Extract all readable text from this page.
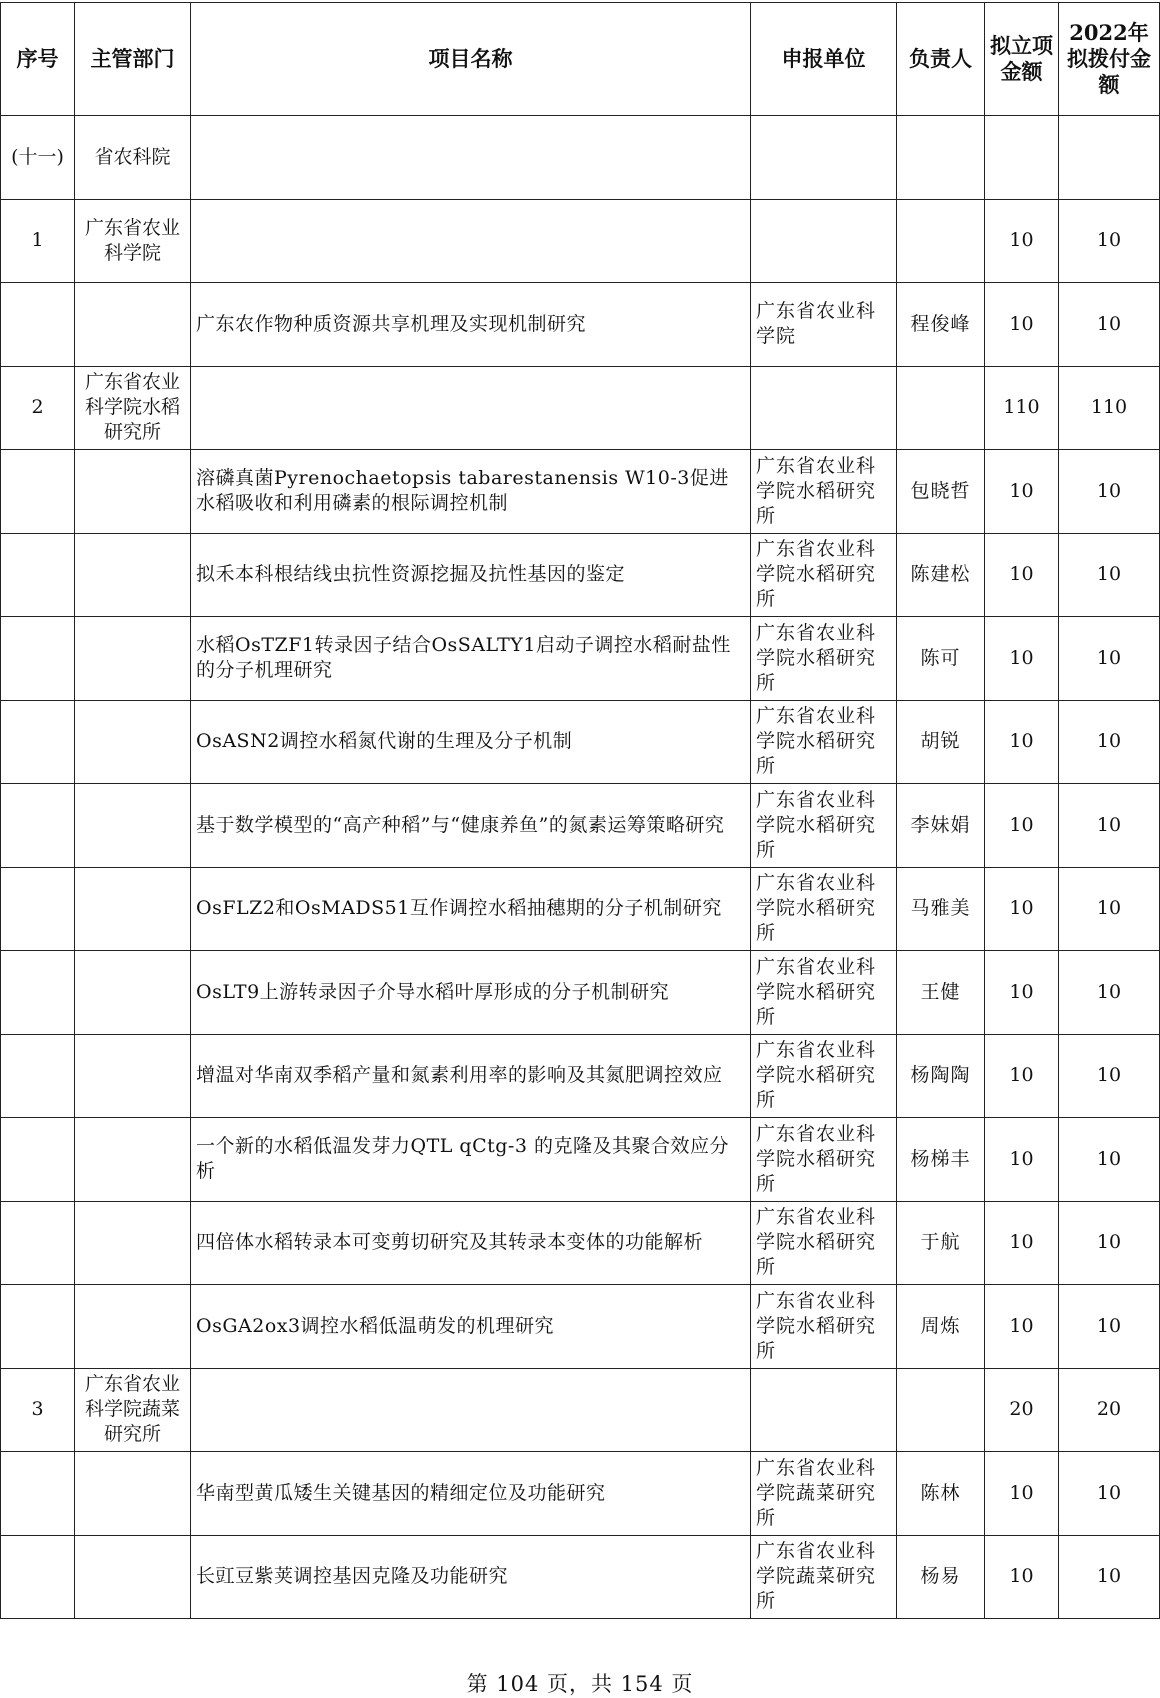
序号	主管部门	项目名称	申报单位	负责人	拟立项金额	2022年拟拨付金额
(十一)	省农科院					
1	广东省农业科学院				10	10
		广东农作物种质资源共享机理及实现机制研究	广东省农业科学院	程俊峰	10	10
2	广东省农业科学院水稻研究所				110	110
		溶磷真菌Pyrenochaetopsis tabarestanensis W10-3促进水稻吸收和利用磷素的根际调控机制	广东省农业科学院水稻研究所	包晓哲	10	10
		拟禾本科根结线虫抗性资源挖掘及抗性基因的鉴定	广东省农业科学院水稻研究所	陈建松	10	10
		水稻OsTZF1转录因子结合OsSALTY1启动子调控水稻耐盐性的分子机理研究	广东省农业科学院水稻研究所	陈可	10	10
		OsASN2调控水稻氮代谢的生理及分子机制	广东省农业科学院水稻研究所	胡锐	10	10
		基于数学模型的“高产种稻”与“健康养鱼”的氮素运筹策略研究	广东省农业科学院水稻研究所	李妹娟	10	10
		OsFLZ2和OsMADS51互作调控水稻抽穗期的分子机制研究	广东省农业科学院水稻研究所	马雅美	10	10
		OsLT9上游转录因子介导水稻叶厚形成的分子机制研究	广东省农业科学院水稻研究所	王健	10	10
		增温对华南双季稻产量和氮素利用率的影响及其氮肥调控效应	广东省农业科学院水稻研究所	杨陶陶	10	10
		一个新的水稻低温发芽力QTL qCtg-3 的克隆及其聚合效应分析	广东省农业科学院水稻研究所	杨梯丰	10	10
		四倍体水稻转录本可变剪切研究及其转录本变体的功能解析	广东省农业科学院水稻研究所	于航	10	10
		OsGA2ox3调控水稻低温萌发的机理研究	广东省农业科学院水稻研究所	周炼	10	10
3	广东省农业科学院蔬菜研究所				20	20
		华南型黄瓜矮生关键基因的精细定位及功能研究	广东省农业科学院蔬菜研究所	陈林	10	10
		长豇豆紫荚调控基因克隆及功能研究	广东省农业科学院蔬菜研究所	杨易	10	10
第 104 页，共 154 页
